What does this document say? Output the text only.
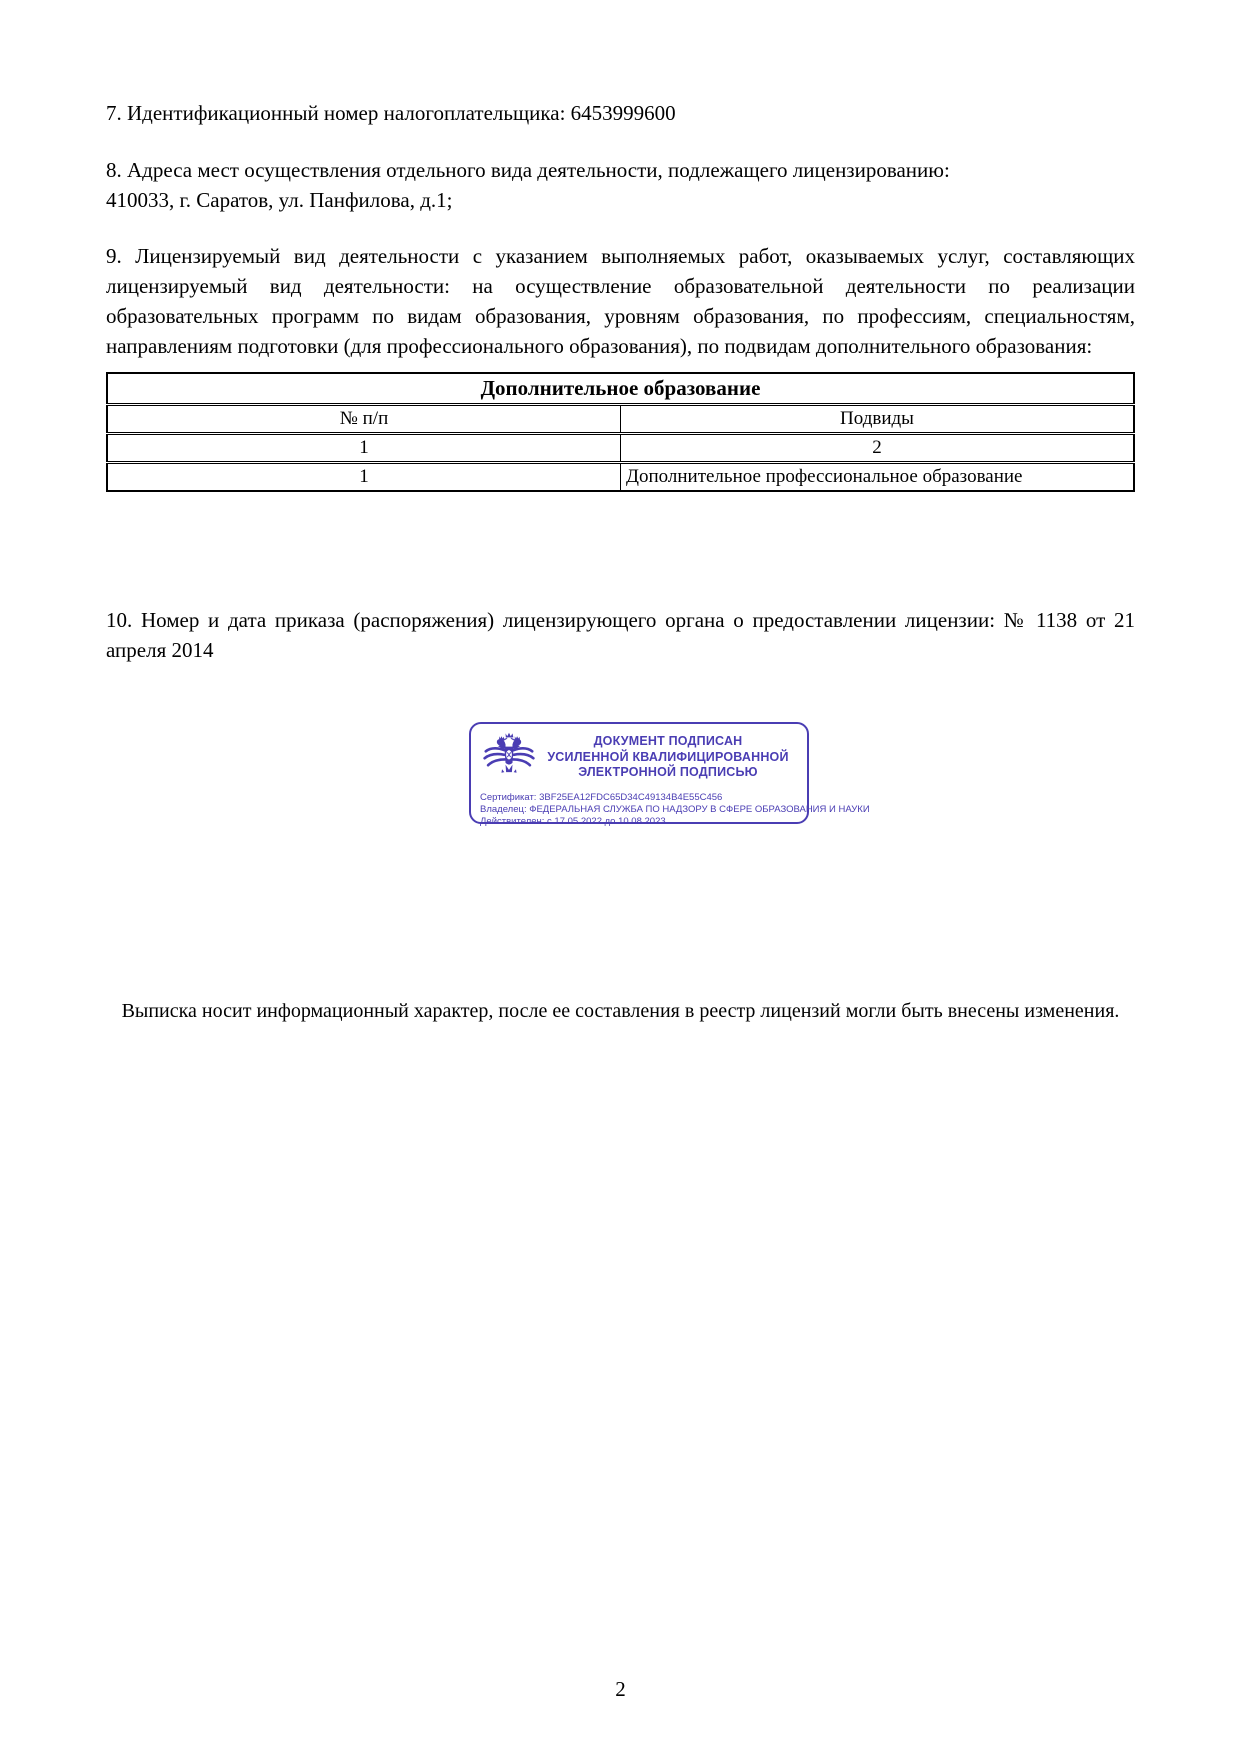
7. Идентификационный номер налогоплательщика: 6453999600
8. Адреса мест осуществления отдельного вида деятельности, подлежащего лицензированию:
410033, г. Саратов, ул. Панфилова, д.1;
9. Лицензируемый вид деятельности с указанием выполняемых работ, оказываемых услуг, составляющих лицензируемый вид деятельности: на осуществление образовательной деятельности по реализации образовательных программ по видам образования, уровням образования, по профессиям, специальностям, направлениям подготовки (для профессионального образования), по подвидам дополнительного образования:
Дополнительное образование	
№ п/п	Подвиды
1	2
1	Дополнительное профессиональное образование
10. Номер и дата приказа (распоряжения) лицензирующего органа о предоставлении лицензии: № 1138 от 21 апреля 2014
ДОКУМЕНТ ПОДПИСАН
УСИЛЕННОЙ КВАЛИФИЦИРОВАННОЙ
ЭЛЕКТРОННОЙ ПОДПИСЬЮ
Сертификат: 3BF25EA12FDC65D34C49134B4E55C456
Владелец: ФЕДЕРАЛЬНАЯ СЛУЖБА ПО НАДЗОРУ В СФЕРЕ ОБРАЗОВАНИЯ И НАУКИ
Действителен: с 17.05.2022 до 10.08.2023
Выписка носит информационный характер, после ее составления в реестр лицензий могли быть внесены изменения.
2
